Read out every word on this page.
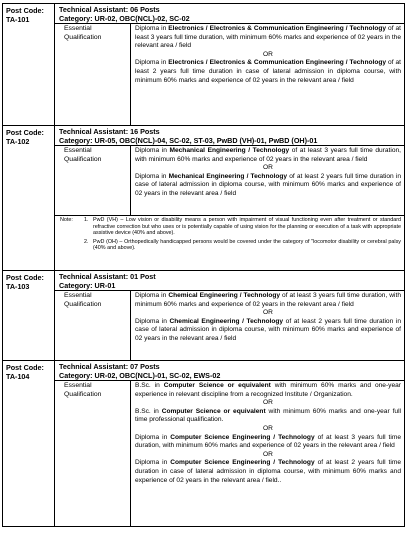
Post Code:
TA-101
Technical Assistant: 06 Posts
Category: UR-02, OBC(NCL)-02, SC-02
Essential
Qualification

Diploma in Electronics / Electronics & Communication Engineering / Technology of at least 3 years full time duration, with minimum 60% marks and experience of 02 years in the relevant area / field

OR

Diploma in Electronics / Electronics & Communication Engineering / Technology of at least 2 years full time duration in case of lateral admission in diploma course, with minimum 60% marks and experience of 02 years in the relevant area / field

Post Code:
TA-102
Technical Assistant: 16 Posts
Category: UR-05, OBC(NCL)-04, SC-02, ST-03, PwBD (VH)-01, PwBD (OH)-01
Essential
Qualification

Diploma in Mechanical Engineering / Technology of at least 3 years full time duration, with minimum 60% marks and experience of 02 years in the relevant area / field

OR

Diploma in Mechanical Engineering / Technology of at least 2 years full time duration in case of lateral admission in diploma course, with minimum 60% marks and experience of 02 years in the relevant area / field

Note:	1. PwD (VH) – Low vision or disability means a person with impairment of visual functioning even after treatment or standard refractive correction but who uses or is potentially capable of using vision for the planning or execution of a task with appropriate assistive device (40% and above).
2. PwD (OH) – Orthopedically handicapped persons would be covered under the category of "locomotor disability or cerebral palsy (40% and above).
Post Code:
TA-103
Technical Assistant: 01 Post
Category: UR-01
Essential
Qualification

Diploma in Chemical Engineering / Technology of at least 3 years full time duration, with minimum 60% marks and experience of 02 years in the relevant area / field

OR

Diploma in Chemical Engineering / Technology of at least 2 years full time duration in case of lateral admission in diploma course, with minimum 60% marks and experience of 02 years in the relevant area / field

Post Code:
TA-104
Technical Assistant: 07 Posts
Category: UR-02, OBC(NCL)-01, SC-02, EWS-02
Essential
Qualification

B.Sc. in Computer Science or equivalent with minimum 60% marks and one-year experience in relevant discipline from a recognized Institute / Organization.

OR

B.Sc. in Computer Science or equivalent with minimum 60% marks and one-year full time professional qualification.

OR

Diploma in Computer Science Engineering / Technology of at least 3 years full time duration, with minimum 60% marks and experience of 02 years in the relevant area / field

OR

Diploma in Computer Science Engineering / Technology of at least 2 years full time duration in case of lateral admission in diploma course, with minimum 60% marks and experience of 02 years in the relevant area / field..
